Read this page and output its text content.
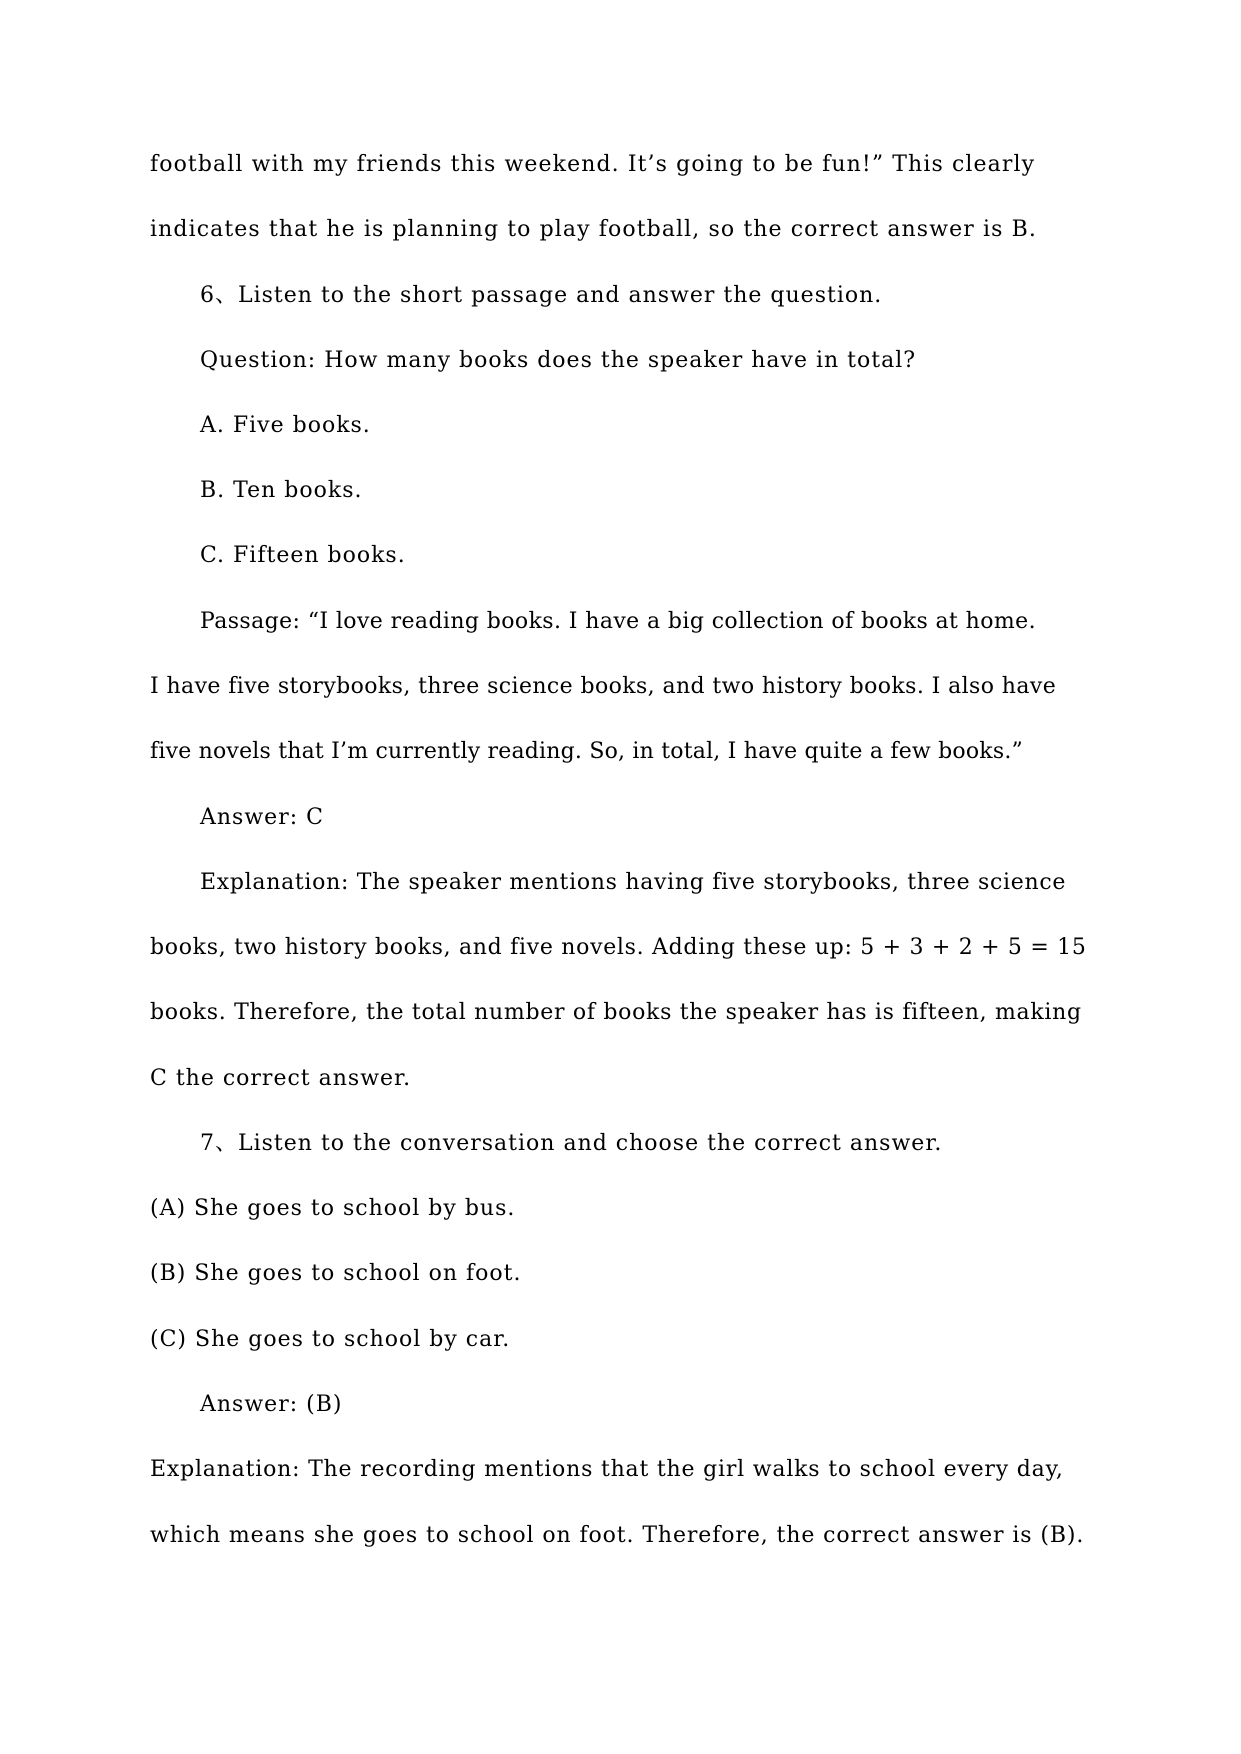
football with my friends this weekend. It’s going to be fun!” This clearly
indicates that he is planning to play football, so the correct answer is B.
6、Listen to the short passage and answer the question.
Question: How many books does the speaker have in total?
A. Five books.
B. Ten books.
C. Fifteen books.
Passage: “I love reading books. I have a big collection of books at home.
I have five storybooks, three science books, and two history books. I also have
five novels that I’m currently reading. So, in total, I have quite a few books.”
Answer: C
Explanation: The speaker mentions having five storybooks, three science
books, two history books, and five novels. Adding these up: 5 + 3 + 2 + 5 = 15
books. Therefore, the total number of books the speaker has is fifteen, making
C the correct answer.
7、Listen to the conversation and choose the correct answer.
(A) She goes to school by bus.
(B) She goes to school on foot.
(C) She goes to school by car.
Answer: (B)
Explanation: The recording mentions that the girl walks to school every day,
which means she goes to school on foot. Therefore, the correct answer is (B).
